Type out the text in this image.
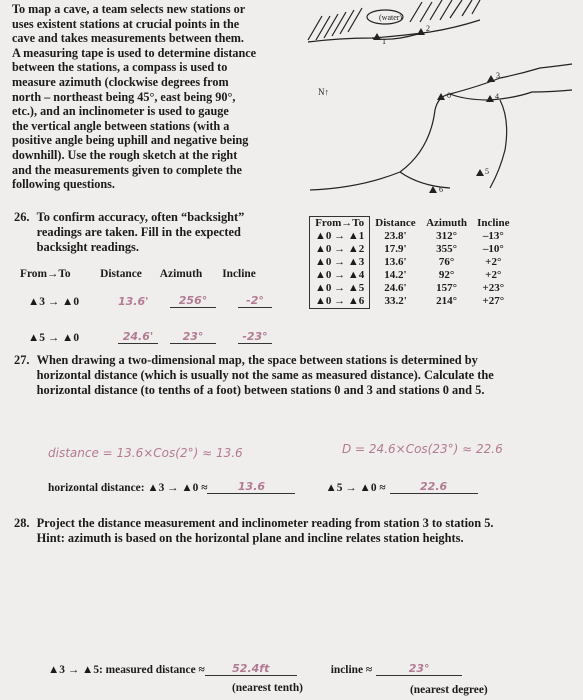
To map a cave, a team selects new stations or
uses existent stations at crucial points in the
cave and takes measurements between them.
A measuring tape is used to determine distance
between the stations, a compass is used to
measure azimuth (clockwise degrees from
north – northeast being 45°, east being 90°,
etc.), and an inclinometer is used to gauge
the vertical angle between stations (with a
positive angle being uphill and negative being
downhill). Use the rough sketch at the right
and the measurements given to complete the
following questions.
(water)
N↑
1
2
3
0	4
5
6
26. To confirm accuracy, often “backsight”
readings are taken. Fill in the expected
backsight readings.
From→To	Distance	Azimuth	Incline
▲3 → ▲0	13.6'	256°	-2°
▲5 → ▲0	24.6'	23°	-23°
From→To	Distance	Azimuth	Incline
▲0 → ▲1	23.8'	312°	–13°
▲0 → ▲2	17.9'	355°	–10°
▲0 → ▲3	13.6'	76°	+2°
▲0 → ▲4	14.2'	92°	+2°
▲0 → ▲5	24.6'	157°	+23°
▲0 → ▲6	33.2'	214°	+27°
27. When drawing a two-dimensional map, the space between stations is determined by
horizontal distance (which is usually not the same as measured distance). Calculate the
horizontal distance (to tenths of a foot) between stations 0 and 3 and stations 0 and 5.
distance = 13.6×Cos(2°) ≈ 13.6	D = 24.6×Cos(23°) ≈ 22.6
horizontal distance: ▲3 → ▲0 ≈	13.6	▲5 → ▲0 ≈	22.6
28. Project the distance measurement and inclinometer reading from station 3 to station 5.
Hint: azimuth is based on the horizontal plane and incline relates station heights.
▲3 → ▲5: measured distance ≈	52.4ft	incline ≈	23°
(nearest tenth)	(nearest degree)
